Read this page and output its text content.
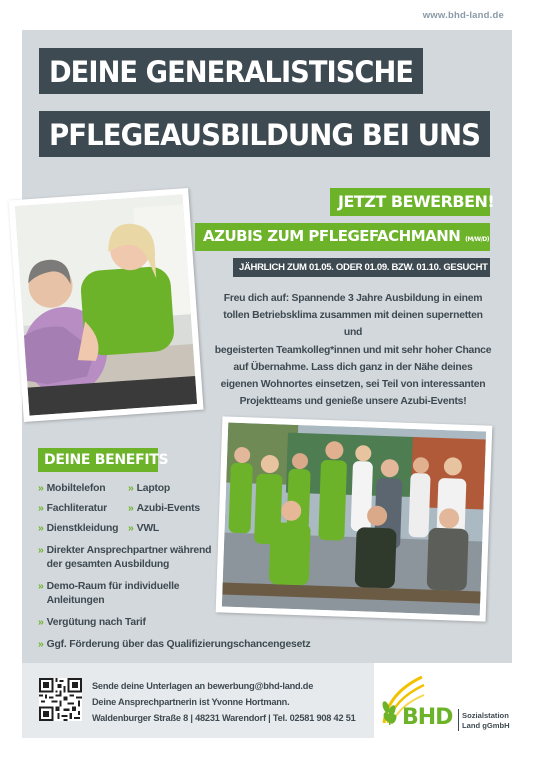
www.bhd-land.de
DEINE GENERALISTISCHE
PFLEGEAUSBILDUNG BEI UNS
JETZT BEWERBEN!
AZUBIS ZUM PFLEGEFACHMANN (M/W/D)
JÄHRLICH ZUM 01.05. ODER 01.09. BZW. 01.10. GESUCHT
Freu dich auf: Spannende 3 Jahre Ausbildung in einem
tollen Betriebsklima zusammen mit deinen supernetten und
begeisterten Teamkolleg*innen und mit sehr hoher Chance
auf Übernahme. Lass dich ganz in der Nähe deines
eigenen Wohnortes einsetzen, sei Teil von interessanten
Projektteams und genieße unsere Azubi-Events!
DEINE BENEFITS
» Mobiltelefon » Laptop
» Fachliteratur » Azubi-Events
» Dienstkleidung » VWL
» Direkter Ansprechpartner während
der gesamten Ausbildung
» Demo-Raum für individuelle
Anleitungen
» Vergütung nach Tarif
» Ggf. Förderung über das Qualifizierungschancengesetz
Sende deine Unterlagen an bewerbung@bhd-land.de
Deine Ansprechpartnerin ist Yvonne Hortmann.
Waldenburger Straße 8 | 48231 Warendorf | Tel. 02581 908 42 51 BHD Sozialstation
Land gGmbH
